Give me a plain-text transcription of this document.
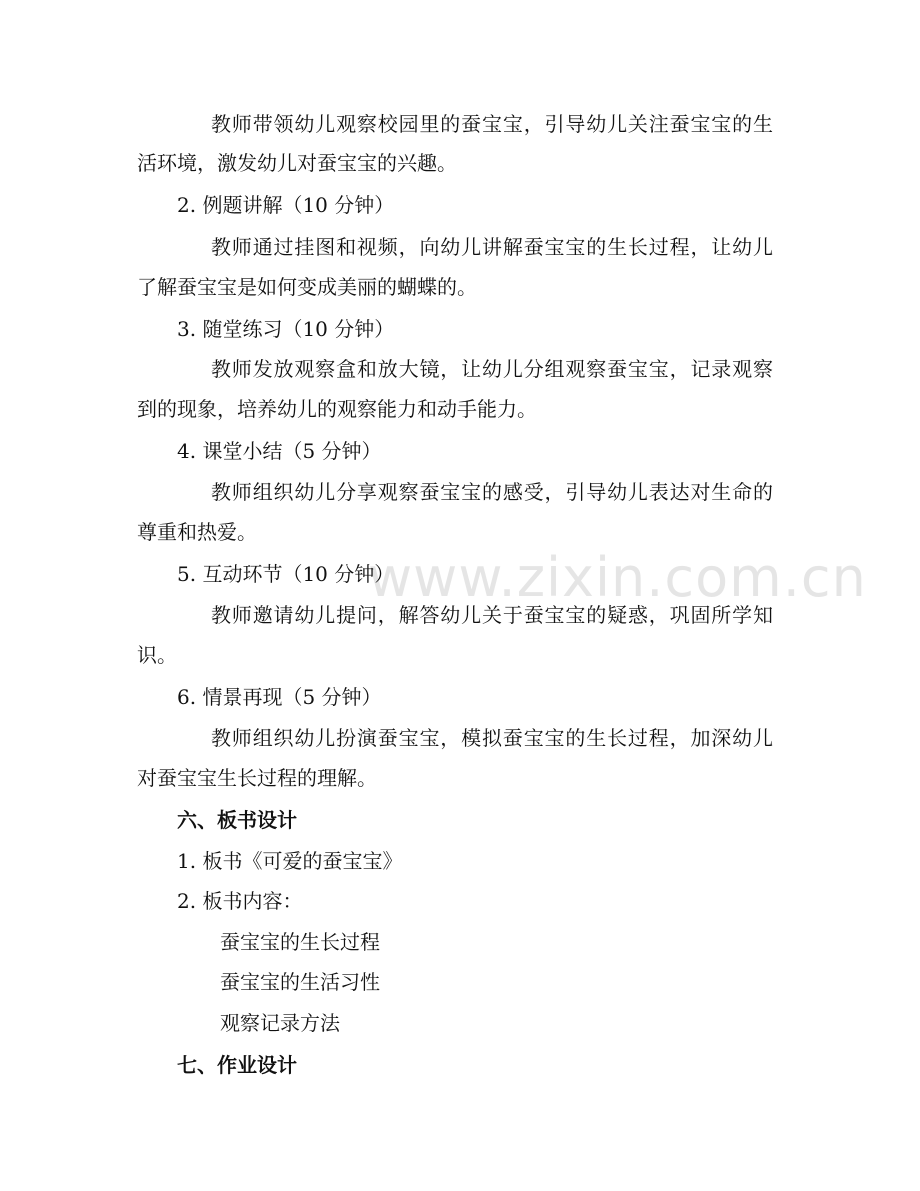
www.zixin.com.cn
教师带领幼儿观察校园里的蚕宝宝，引导幼儿关注蚕宝宝的生
活环境，激发幼儿对蚕宝宝的兴趣。
2. 例题讲解（10 分钟）
教师通过挂图和视频，向幼儿讲解蚕宝宝的生长过程，让幼儿
了解蚕宝宝是如何变成美丽的蝴蝶的。
3. 随堂练习（10 分钟）
教师发放观察盒和放大镜，让幼儿分组观察蚕宝宝，记录观察
到的现象，培养幼儿的观察能力和动手能力。
4. 课堂小结（5 分钟）
教师组织幼儿分享观察蚕宝宝的感受，引导幼儿表达对生命的
尊重和热爱。
5. 互动环节（10 分钟）
教师邀请幼儿提问，解答幼儿关于蚕宝宝的疑惑，巩固所学知
识。
6. 情景再现（5 分钟）
教师组织幼儿扮演蚕宝宝，模拟蚕宝宝的生长过程，加深幼儿
对蚕宝宝生长过程的理解。
六、板书设计
1. 板书《可爱的蚕宝宝》
2. 板书内容：
蚕宝宝的生长过程
蚕宝宝的生活习性
观察记录方法
七、作业设计
